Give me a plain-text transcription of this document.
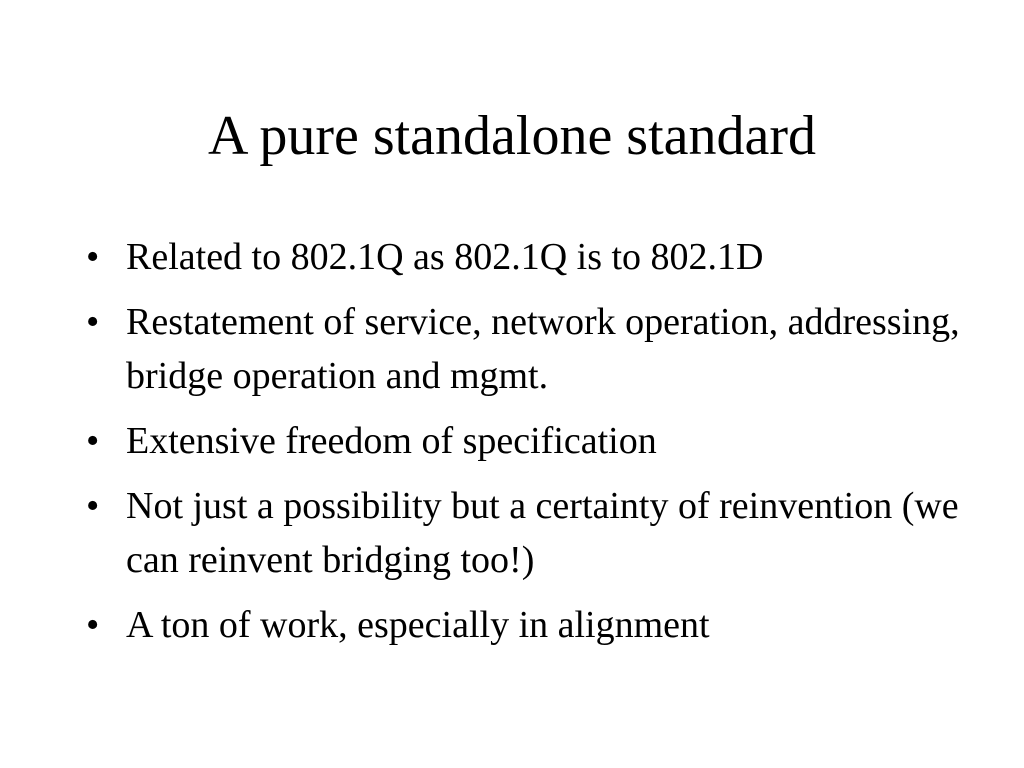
A pure standalone standard
• Related to 802.1Q as 802.1Q is to 802.1D
• Restatement of service, network operation, addressing, bridge operation and mgmt.
• Extensive freedom of specification
• Not just a possibility but a certainty of reinvention (we can reinvent bridging too!)
• A ton of work, especially in alignment
